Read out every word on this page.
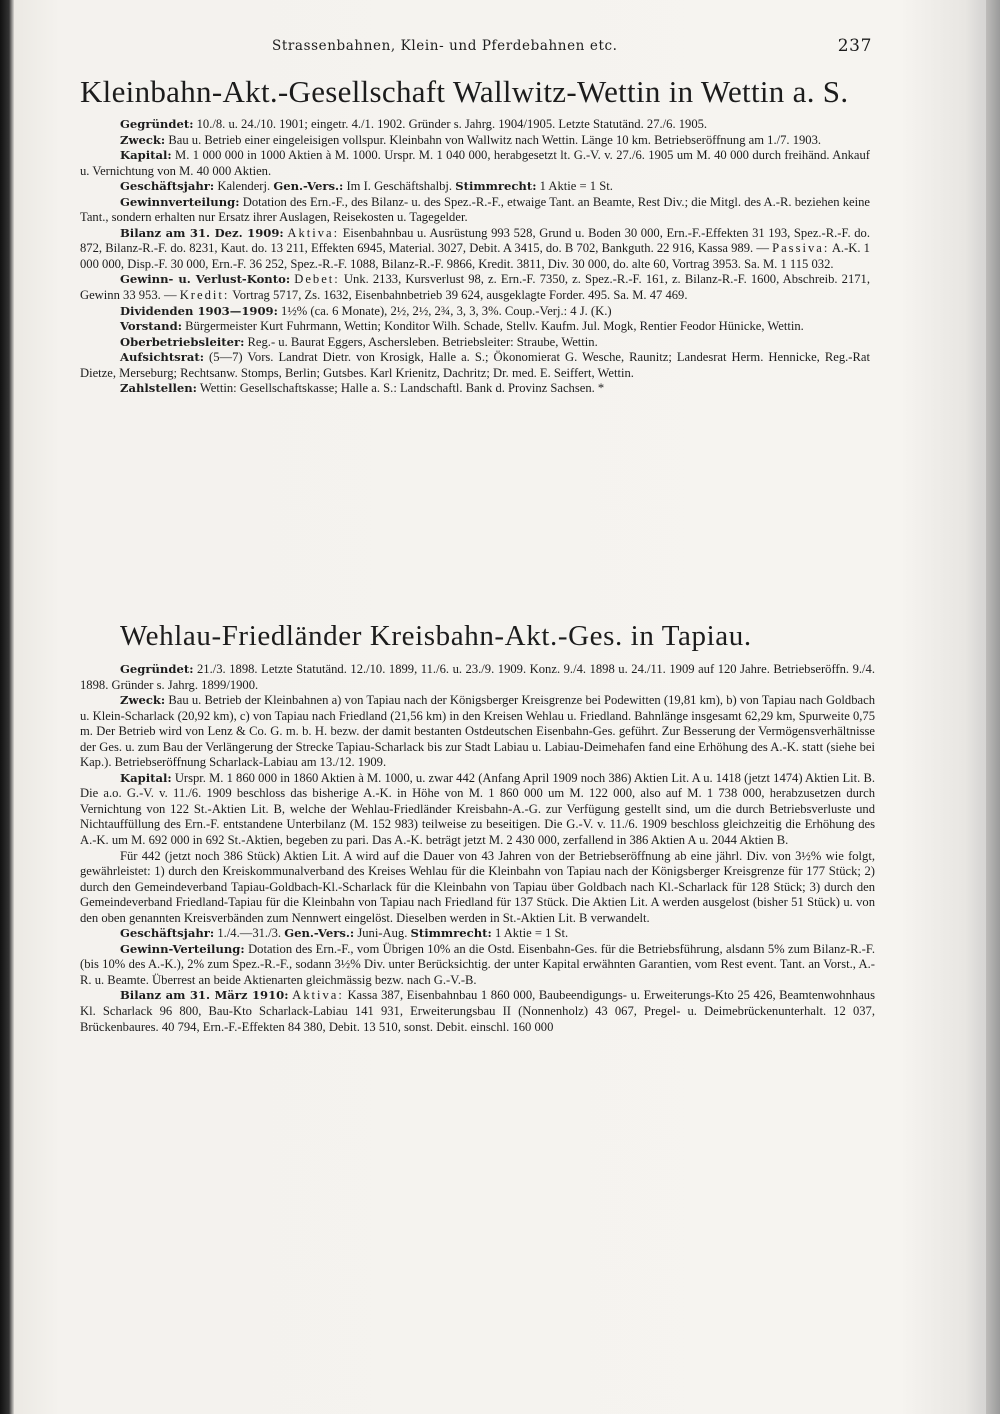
Strassenbahnen, Klein- und Pferdebahnen etc.	237
Kleinbahn-Akt.-Gesellschaft Wallwitz-Wettin in Wettin a. S.

Gegründet: 10./8. u. 24./10. 1901; eingetr. 4./1. 1902. Gründer s. Jahrg. 1904/1905. Letzte Statutänd. 27./6. 1905.

Zweck: Bau u. Betrieb einer eingeleisigen vollspur. Kleinbahn von Wallwitz nach Wettin. Länge 10 km. Betriebseröffnung am 1./7. 1903.

Kapital: M. 1 000 000 in 1000 Aktien à M. 1000. Urspr. M. 1 040 000, herabgesetzt lt. G.-V. v. 27./6. 1905 um M. 40 000 durch freihänd. Ankauf u. Vernichtung von M. 40 000 Aktien.

Geschäftsjahr: Kalenderj. Gen.-Vers.: Im I. Geschäftshalbj. Stimmrecht: 1 Aktie = 1 St.

Gewinnverteilung: Dotation des Ern.-F., des Bilanz- u. des Spez.-R.-F., etwaige Tant. an Beamte, Rest Div.; die Mitgl. des A.-R. beziehen keine Tant., sondern erhalten nur Ersatz ihrer Auslagen, Reisekosten u. Tagegelder.

Bilanz am 31. Dez. 1909: Aktiva: Eisenbahnbau u. Ausrüstung 993 528, Grund u. Boden 30 000, Ern.-F.-Effekten 31 193, Spez.-R.-F. do. 872, Bilanz-R.-F. do. 8231, Kaut. do. 13 211, Effekten 6945, Material. 3027, Debit. A 3415, do. B 702, Bankguth. 22 916, Kassa 989. — Passiva: A.-K. 1 000 000, Disp.-F. 30 000, Ern.-F. 36 252, Spez.-R.-F. 1088, Bilanz-R.-F. 9866, Kredit. 3811, Div. 30 000, do. alte 60, Vortrag 3953. Sa. M. 1 115 032.

Gewinn- u. Verlust-Konto: Debet: Unk. 2133, Kursverlust 98, z. Ern.-F. 7350, z. Spez.-R.-F. 161, z. Bilanz-R.-F. 1600, Abschreib. 2171, Gewinn 33 953. — Kredit: Vortrag 5717, Zs. 1632, Eisenbahnbetrieb 39 624, ausgeklagte Forder. 495. Sa. M. 47 469.

Dividenden 1903—1909: 1½% (ca. 6 Monate), 2½, 2½, 2¾, 3, 3, 3%. Coup.-Verj.: 4 J. (K.)

Vorstand: Bürgermeister Kurt Fuhrmann, Wettin; Konditor Wilh. Schade, Stellv. Kaufm. Jul. Mogk, Rentier Feodor Hünicke, Wettin.

Oberbetriebsleiter: Reg.- u. Baurat Eggers, Aschersleben. Betriebsleiter: Straube, Wettin.

Aufsichtsrat: (5—7) Vors. Landrat Dietr. von Krosigk, Halle a. S.; Ökonomierat G. Wesche, Raunitz; Landesrat Herm. Hennicke, Reg.-Rat Dietze, Merseburg; Rechtsanw. Stomps, Berlin; Gutsbes. Karl Krienitz, Dachritz; Dr. med. E. Seiffert, Wettin.

Zahlstellen: Wettin: Gesellschaftskasse; Halle a. S.: Landschaftl. Bank d. Provinz Sachsen. *

Wehlau-Friedländer Kreisbahn-Akt.-Ges. in Tapiau.

Gegründet: 21./3. 1898. Letzte Statutänd. 12./10. 1899, 11./6. u. 23./9. 1909. Konz. 9./4. 1898 u. 24./11. 1909 auf 120 Jahre. Betriebseröffn. 9./4. 1898. Gründer s. Jahrg. 1899/1900.

Zweck: Bau u. Betrieb der Kleinbahnen a) von Tapiau nach der Königsberger Kreisgrenze bei Podewitten (19,81 km), b) von Tapiau nach Goldbach u. Klein-Scharlack (20,92 km), c) von Tapiau nach Friedland (21,56 km) in den Kreisen Wehlau u. Friedland. Bahnlänge insgesamt 62,29 km, Spurweite 0,75 m. Der Betrieb wird von Lenz & Co. G. m. b. H. bezw. der damit bestanten Ostdeutschen Eisenbahn-Ges. geführt. Zur Besserung der Vermögensverhältnisse der Ges. u. zum Bau der Verlängerung der Strecke Tapiau-Scharlack bis zur Stadt Labiau u. Labiau-Deimehafen fand eine Erhöhung des A.-K. statt (siehe bei Kap.). Betriebseröffnung Scharlack-Labiau am 13./12. 1909.

Kapital: Urspr. M. 1 860 000 in 1860 Aktien à M. 1000, u. zwar 442 (Anfang April 1909 noch 386) Aktien Lit. A u. 1418 (jetzt 1474) Aktien Lit. B. Die a.o. G.-V. v. 11./6. 1909 beschloss das bisherige A.-K. in Höhe von M. 1 860 000 um M. 122 000, also auf M. 1 738 000, herabzusetzen durch Vernichtung von 122 St.-Aktien Lit. B, welche der Wehlau-Friedländer Kreisbahn-A.-G. zur Verfügung gestellt sind, um die durch Betriebsverluste und Nichtauffüllung des Ern.-F. entstandene Unterbilanz (M. 152 983) teilweise zu beseitigen. Die G.-V. v. 11./6. 1909 beschloss gleichzeitig die Erhöhung des A.-K. um M. 692 000 in 692 St.-Aktien, begeben zu pari. Das A.-K. beträgt jetzt M. 2 430 000, zerfallend in 386 Aktien A u. 2044 Aktien B.

Für 442 (jetzt noch 386 Stück) Aktien Lit. A wird auf die Dauer von 43 Jahren von der Betriebseröffnung ab eine jährl. Div. von 3½% wie folgt, gewährleistet: 1) durch den Kreiskommunalverband des Kreises Wehlau für die Kleinbahn von Tapiau nach der Königsberger Kreisgrenze für 177 Stück; 2) durch den Gemeindeverband Tapiau-Goldbach-Kl.-Scharlack für die Kleinbahn von Tapiau über Goldbach nach Kl.-Scharlack für 128 Stück; 3) durch den Gemeindeverband Friedland-Tapiau für die Kleinbahn von Tapiau nach Friedland für 137 Stück. Die Aktien Lit. A werden ausgelost (bisher 51 Stück) u. von den oben genannten Kreisverbänden zum Nennwert eingelöst. Dieselben werden in St.-Aktien Lit. B verwandelt.

Geschäftsjahr: 1./4.—31./3. Gen.-Vers.: Juni-Aug. Stimmrecht: 1 Aktie = 1 St.

Gewinn-Verteilung: Dotation des Ern.-F., vom Übrigen 10% an die Ostd. Eisenbahn-Ges. für die Betriebsführung, alsdann 5% zum Bilanz-R.-F. (bis 10% des A.-K.), 2% zum Spez.-R.-F., sodann 3½% Div. unter Berücksichtig. der unter Kapital erwähnten Garantien, vom Rest event. Tant. an Vorst., A.-R. u. Beamte. Überrest an beide Aktienarten gleichmässig bezw. nach G.-V.-B.

Bilanz am 31. März 1910: Aktiva: Kassa 387, Eisenbahnbau 1 860 000, Baubeendigungs- u. Erweiterungs-Kto 25 426, Beamtenwohnhaus Kl. Scharlack 96 800, Bau-Kto Scharlack-Labiau 141 931, Erweiterungsbau II (Nonnenholz) 43 067, Pregel- u. Deimebrückenunterhalt. 12 037, Brückenbaures. 40 794, Ern.-F.-Effekten 84 380, Debit. 13 510, sonst. Debit. einschl. 160 000
